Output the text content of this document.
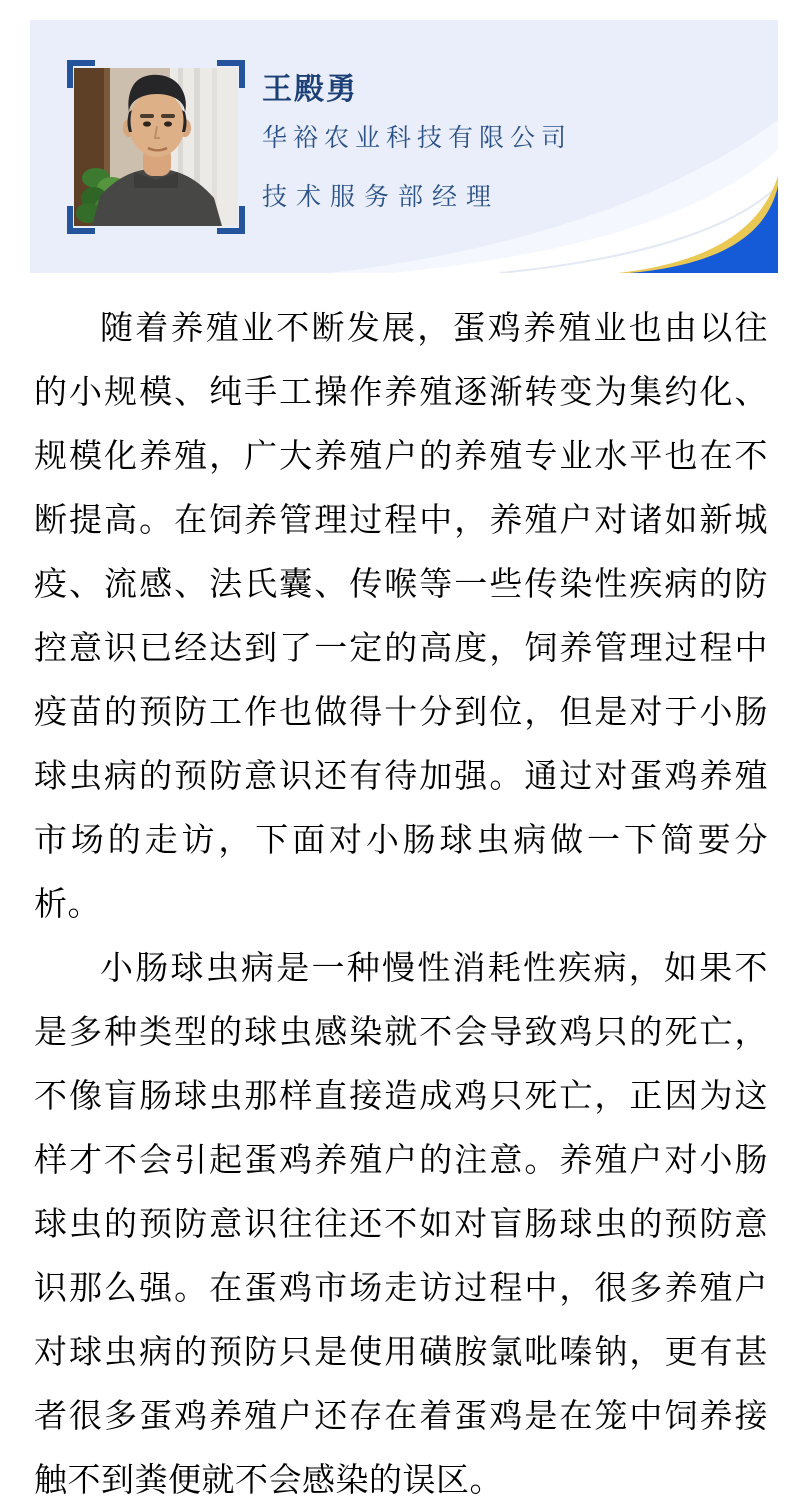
王殿勇

华裕农业科技有限公司

技术服务部经理

随着养殖业不断发展，蛋鸡养殖业也由以往的小规模、纯手工操作养殖逐渐转变为集约化、规模化养殖，广大养殖户的养殖专业水平也在不断提高。在饲养管理过程中，养殖户对诸如新城疫、流感、法氏囊、传喉等一些传染性疾病的防控意识已经达到了一定的高度，饲养管理过程中疫苗的预防工作也做得十分到位，但是对于小肠球虫病的预防意识还有待加强。通过对蛋鸡养殖市场的走访，下面对小肠球虫病做一下简要分析。

小肠球虫病是一种慢性消耗性疾病，如果不是多种类型的球虫感染就不会导致鸡只的死亡，不像盲肠球虫那样直接造成鸡只死亡，正因为这样才不会引起蛋鸡养殖户的注意。养殖户对小肠球虫的预防意识往往还不如对盲肠球虫的预防意识那么强。在蛋鸡市场走访过程中，很多养殖户对球虫病的预防只是使用磺胺氯吡嗪钠，更有甚者很多蛋鸡养殖户还存在着蛋鸡是在笼中饲养接触不到粪便就不会感染的误区。
